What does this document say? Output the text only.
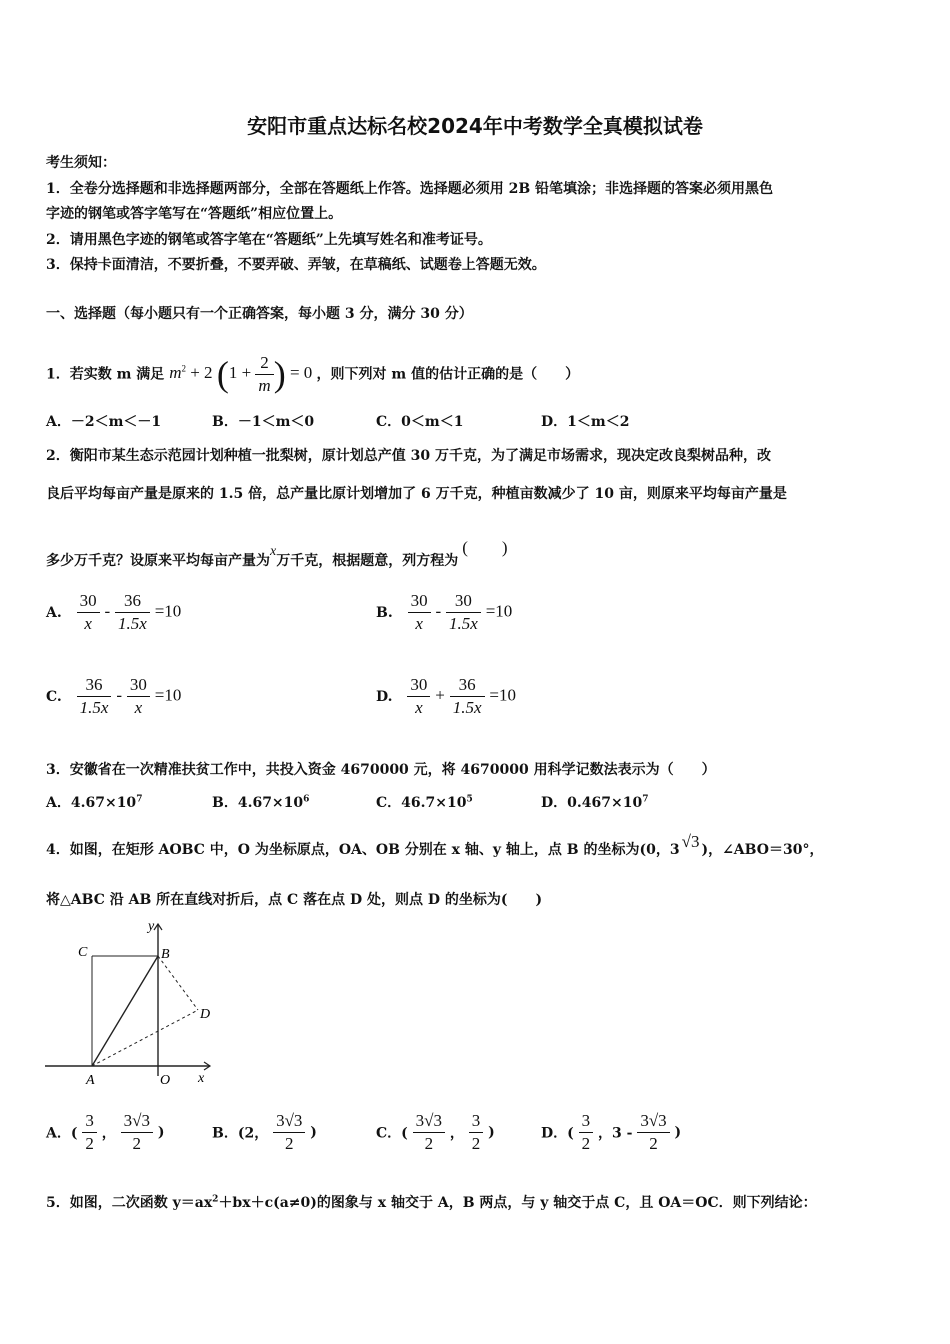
安阳市重点达标名校2024年中考数学全真模拟试卷
考生须知：
1．全卷分选择题和非选择题两部分，全部在答题纸上作答。选择题必须用 2B 铅笔填涂；非选择题的答案必须用黑色
字迹的钢笔或答字笔写在“答题纸”相应位置上。
2．请用黑色字迹的钢笔或答字笔在“答题纸”上先填写姓名和准考证号。
3．保持卡面清洁，不要折叠，不要弄破、弄皱，在草稿纸、试题卷上答题无效。
一、选择题（每小题只有一个正确答案，每小题 3 分，满分 30 分）
1．若实数 m 满足 $m^2 + 2$ ($1 + \frac{2}{m}$ ) = 0 ，则下列对 m 值的估计正确的是（　　）
A．－2＜m＜－1	B．－1＜m＜0	C．0＜m＜1	D．1＜m＜2
2．衡阳市某生态示范园计划种植一批梨树，原计划总产值 30 万千克，为了满足市场需求，现决定改良梨树品种，改
良后平均每亩产量是原来的 1.5 倍，总产量比原计划增加了 6 万千克，种植亩数减少了 10 亩，则原来平均每亩产量是
多少万千克？设原来平均每亩产量为x万千克，根据题意，列方程为(　　)
A. $\frac{30}{x} - \frac{36}{1.5x} =10$	B. $\frac{30}{x} - \frac{30}{1.5x} =10$
C. $\frac{36}{1.5x} - \frac{30}{x} =10$	D. $\frac{30}{x} + \frac{36}{1.5x} =10$
3．安徽省在一次精准扶贫工作中，共投入资金 4670000 元，将 4670000 用科学记数法表示为（　　）
A．$4.67\times 10^7$	B．$4.67\times 10^6$	C．$46.7\times 10^5$	D．$0.467\times 10^7$
4．如图，在矩形 AOBC 中，O 为坐标原点，OA、OB 分别在 x 轴、y 轴上，点 B 的坐标为(0，3 √3 )，∠ABO＝30°，
将△ABC 沿 AB 所在直线对折后，点 C 落在点 D 处，则点 D 的坐标为(　　)
C	B
D
A	O x
y
A．( $\frac{3}{2}$ ， $\frac{3√3}{2}$ )	B．(2， $\frac{3√3}{2}$ )	C．( $\frac{3√3}{2}$ ， $\frac{3}{2}$ )	D．( $\frac{3}{2}$ ，$3 - \frac{3√3}{2}$ )
5．如图，二次函数 $y=ax^2+bx+c(a\ne 0)$的图象与 x 轴交于 A，B 两点，与 y 轴交于点 C，且 OA＝OC．则下列结论：
